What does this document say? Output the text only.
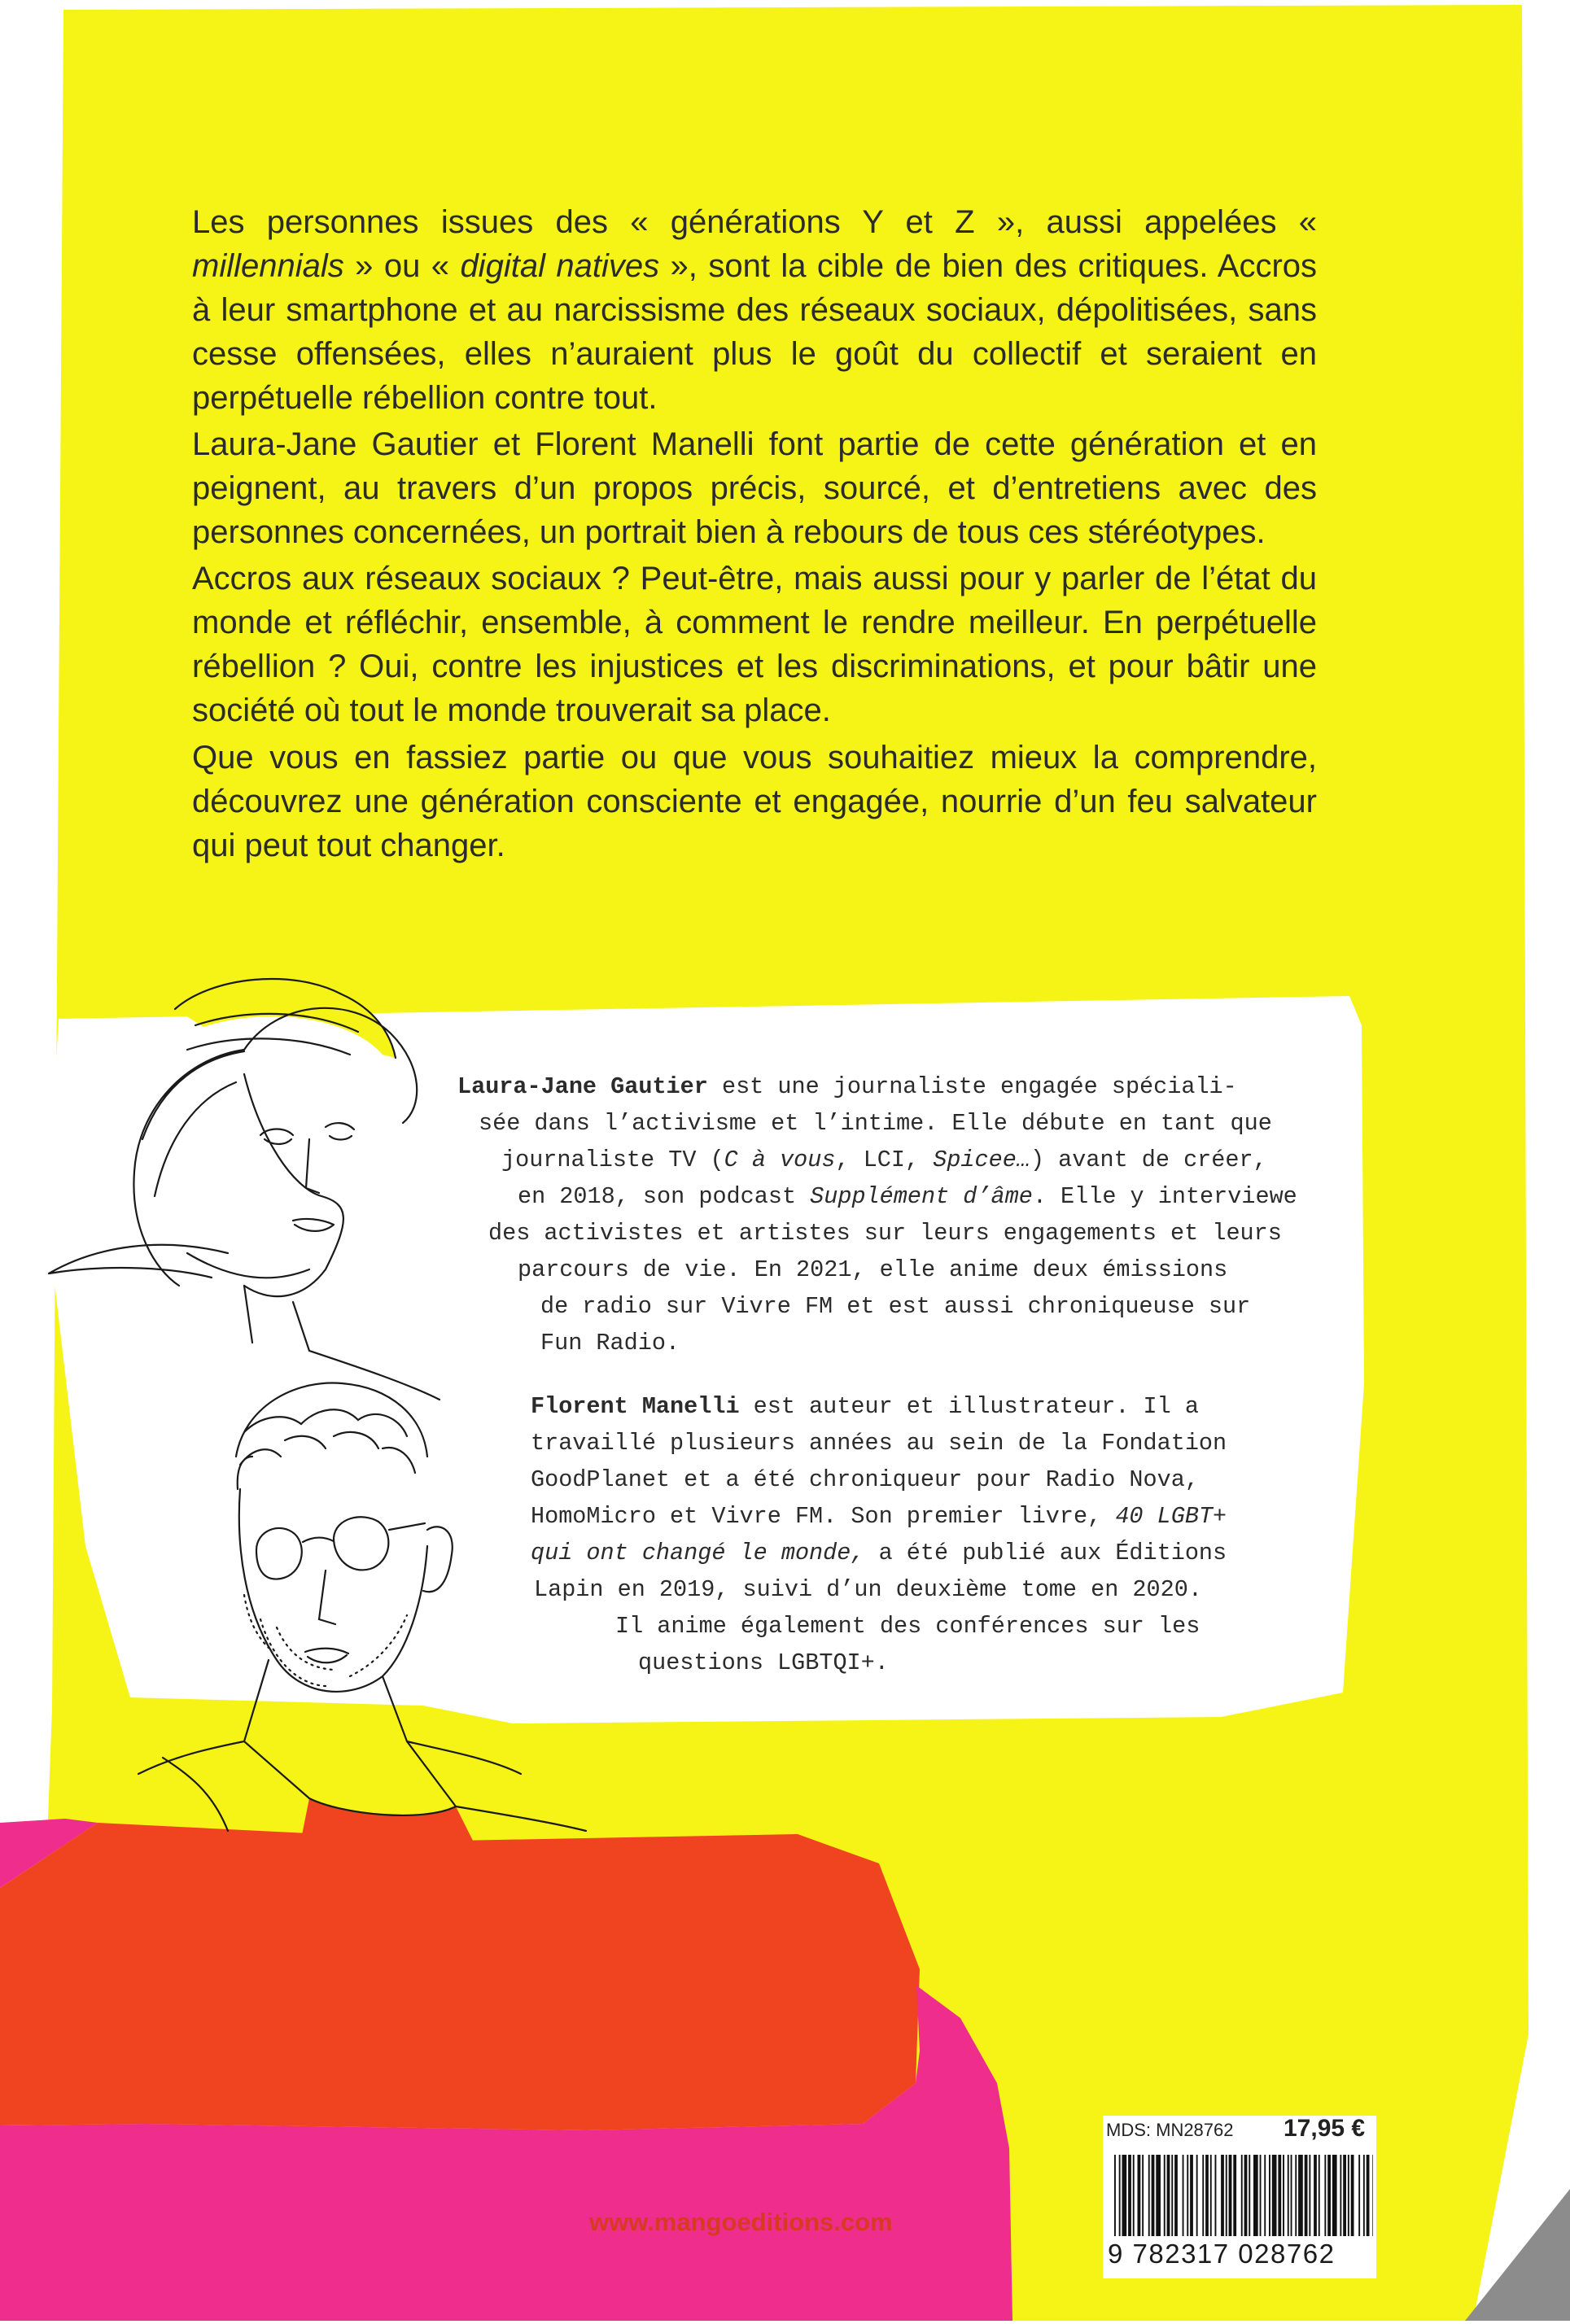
Les personnes issues des « générations Y et Z », aussi appelées « millennials » ou « digital natives », sont la cible de bien des critiques. Accros à leur smartphone et au narcissisme des réseaux sociaux, dépolitisées, sans cesse offensées, elles n’auraient plus le goût du collectif et seraient en perpétuelle rébellion contre tout.

Laura-Jane Gautier et Florent Manelli font partie de cette génération et en peignent, au travers d’un propos précis, sourcé, et d’entretiens avec des personnes concernées, un portrait bien à rebours de tous ces stéréotypes.

Accros aux réseaux sociaux ? Peut-être, mais aussi pour y parler de l’état du monde et réfléchir, ensemble, à comment le rendre meilleur. En perpétuelle rébellion ? Oui, contre les injustices et les discriminations, et pour bâtir une société où tout le monde trouverait sa place.

Que vous en fassiez partie ou que vous souhaitiez mieux la comprendre, découvrez une génération consciente et engagée, nourrie d’un feu salvateur qui peut tout changer.

Laura-Jane Gautier est une journaliste engagée spéciali-
sée dans l’activisme et l’intime. Elle débute en tant que
journaliste TV (C à vous, LCI, Spicee…) avant de créer,
en 2018, son podcast Supplément d’âme. Elle y interviewe
des activistes et artistes sur leurs engagements et leurs
parcours de vie. En 2021, elle anime deux émissions
de radio sur Vivre FM et est aussi chroniqueuse sur
Fun Radio.
Florent Manelli est auteur et illustrateur. Il a
travaillé plusieurs années au sein de la Fondation
GoodPlanet et a été chroniqueur pour Radio Nova,
HomoMicro et Vivre FM. Son premier livre, 40 LGBT+
qui ont changé le monde, a été publié aux Éditions
Lapin en 2019, suivi d’un deuxième tome en 2020.
Il anime également des conférences sur les
questions LGBTQI+.
MDS: MN28762 17,95 €
9 782317 028762
www.mangoeditions.com
